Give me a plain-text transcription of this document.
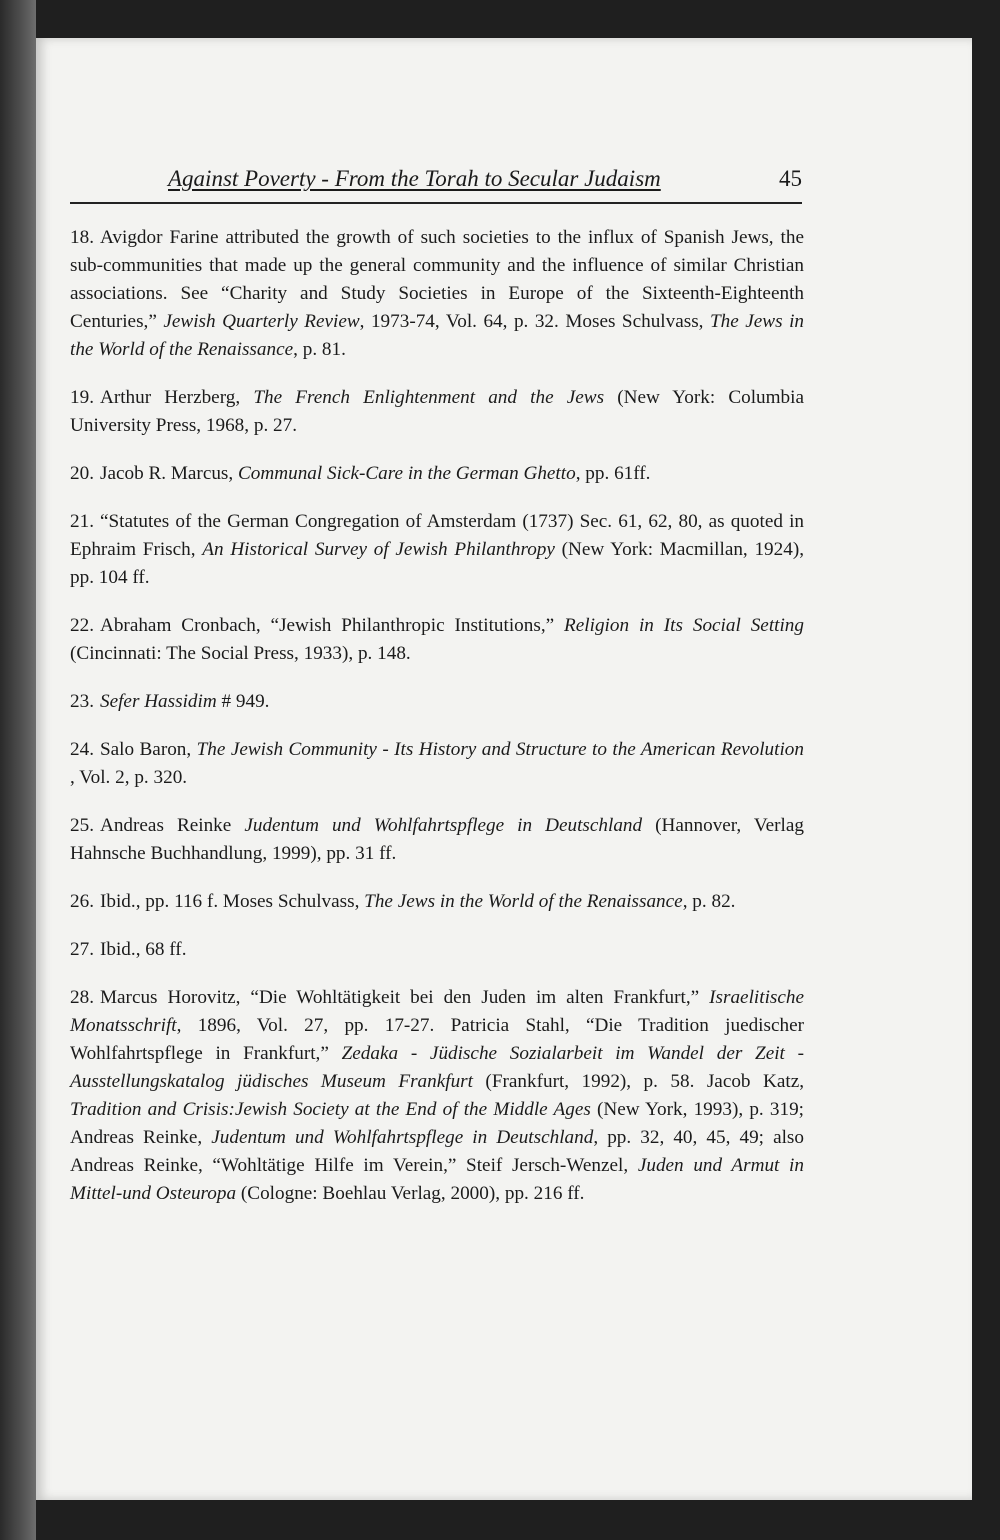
Against Poverty - From the Torah to Secular Judaism	45

18. Avigdor Farine attributed the growth of such societies to the influx of Spanish Jews, the sub-communities that made up the general community and the influence of similar Christian associations. See “Charity and Study Societies in Europe of the Sixteenth-Eighteenth Centuries,” Jewish Quarterly Review, 1973-74, Vol. 64, p. 32. Moses Schulvass, The Jews in the World of the Renaissance, p. 81.

19. Arthur Herzberg, The French Enlightenment and the Jews (New York: Columbia University Press, 1968, p. 27.

20. Jacob R. Marcus, Communal Sick-Care in the German Ghetto, pp. 61ff.

21. “Statutes of the German Congregation of Amsterdam (1737) Sec. 61, 62, 80, as quoted in Ephraim Frisch, An Historical Survey of Jewish Philanthropy (New York: Macmillan, 1924), pp. 104 ff.

22. Abraham Cronbach, “Jewish Philanthropic Institutions,” Religion in Its Social Setting (Cincinnati: The Social Press, 1933), p. 148.

23. Sefer Hassidim # 949.

24. Salo Baron, The Jewish Community - Its History and Structure to the American Revolution , Vol. 2, p. 320.

25. Andreas Reinke Judentum und Wohlfahrtspflege in Deutschland (Hannover, Verlag Hahnsche Buchhandlung, 1999), pp. 31 ff.

26. Ibid., pp. 116 f. Moses Schulvass, The Jews in the World of the Renaissance, p. 82.

27. Ibid., 68 ff.

28. Marcus Horovitz, “Die Wohltätigkeit bei den Juden im alten Frankfurt,” Israelitische Monatsschrift, 1896, Vol. 27, pp. 17-27. Patricia Stahl, “Die Tradition juedischer Wohlfahrtspflege in Frankfurt,” Zedaka - Jüdische Sozialarbeit im Wandel der Zeit - Ausstellungskatalog jüdisches Museum Frankfurt (Frankfurt, 1992), p. 58. Jacob Katz, Tradition and Crisis:Jewish Society at the End of the Middle Ages (New York, 1993), p. 319; Andreas Reinke, Judentum und Wohlfahrtspflege in Deutschland, pp. 32, 40, 45, 49; also Andreas Reinke, “Wohltätige Hilfe im Verein,” Steif Jersch-Wenzel, Juden und Armut in Mittel-und Osteuropa (Cologne: Boehlau Verlag, 2000), pp. 216 ff.
